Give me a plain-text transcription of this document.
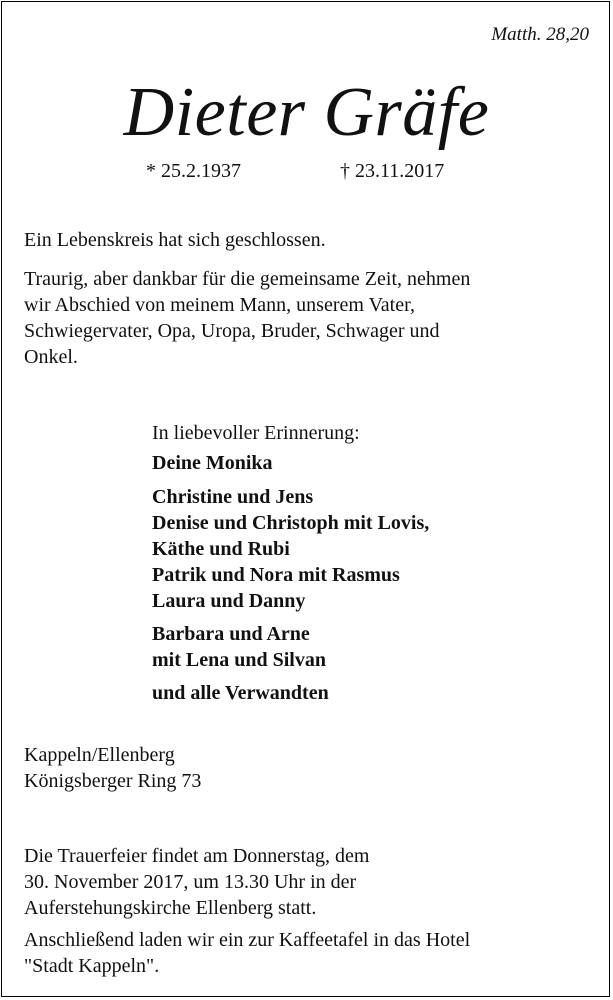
Matth. 28,20
Dieter Gräfe
* 25.2.1937	† 23.11.2017
Ein Lebenskreis hat sich geschlossen.
Traurig, aber dankbar für die gemeinsame Zeit, nehmen
wir Abschied von meinem Mann, unserem Vater,
Schwiegervater, Opa, Uropa, Bruder, Schwager und
Onkel.
In liebevoller Erinnerung:
Deine Monika
Christine und Jens
Denise und Christoph mit Lovis,
Käthe und Rubi
Patrik und Nora mit Rasmus
Laura und Danny
Barbara und Arne
mit Lena und Silvan
und alle Verwandten
Kappeln/Ellenberg
Königsberger Ring 73
Die Trauerfeier findet am Donnerstag, dem
30. November 2017, um 13.30 Uhr in der
Auferstehungskirche Ellenberg statt.
Anschließend laden wir ein zur Kaffeetafel in das Hotel
"Stadt Kappeln".
